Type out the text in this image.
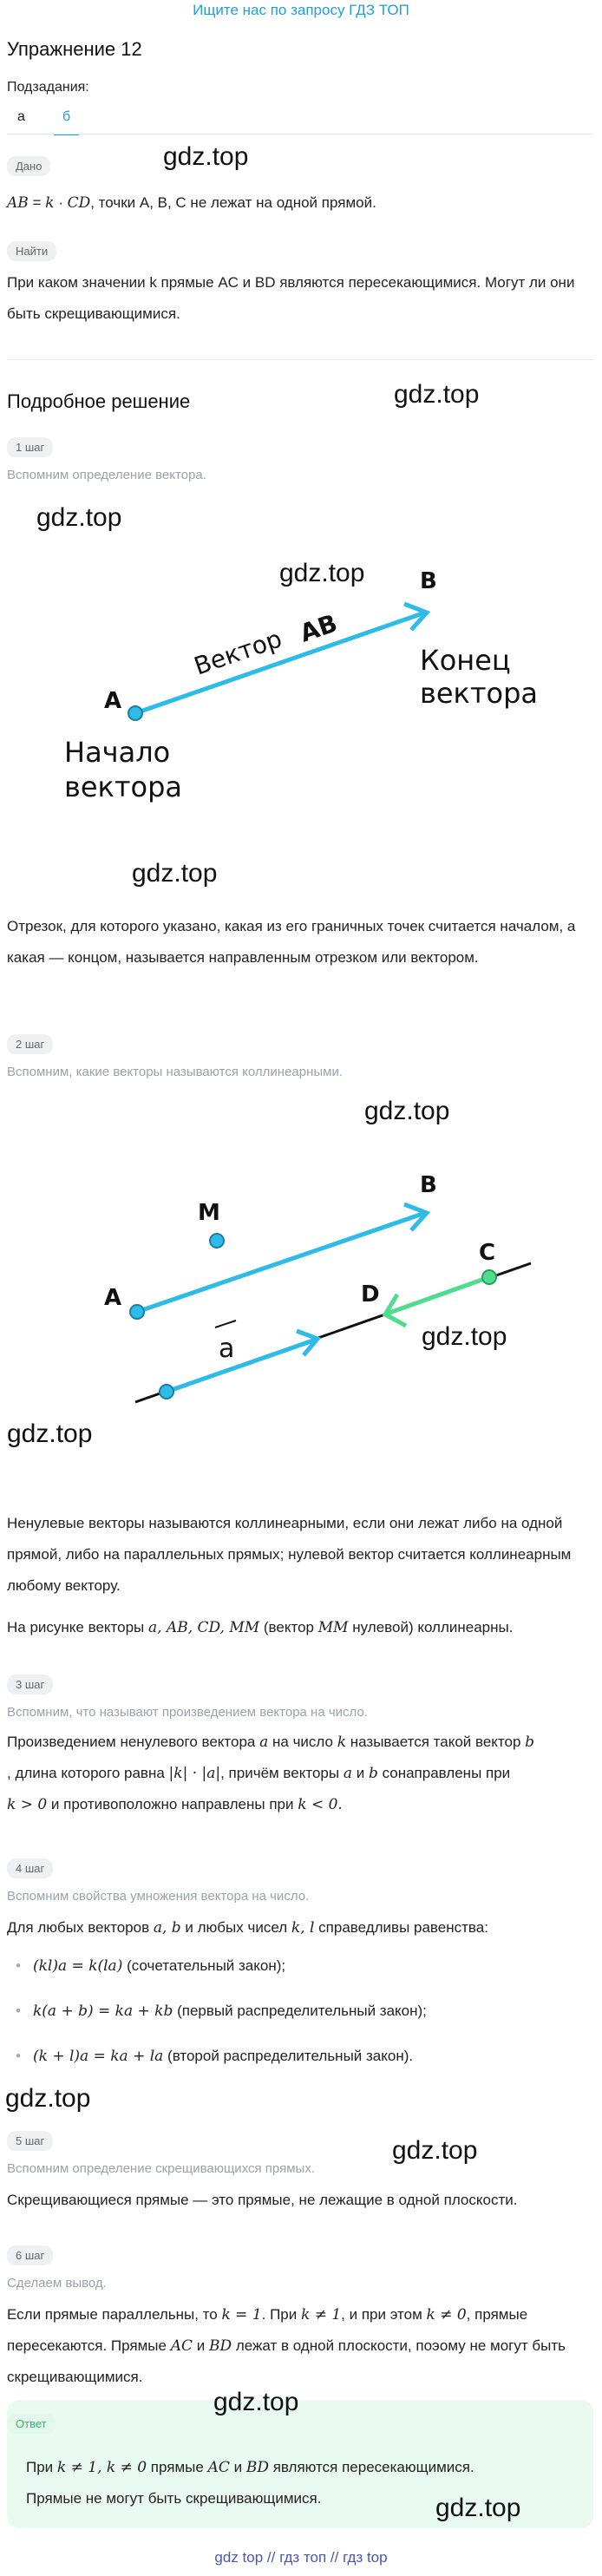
Ищите нас по запросу ГДЗ ТОП
Упражнение 12
Подзадания:
а	б
Дано	gdz.top
AB = k · CD, точки A, B, C не лежат на одной прямой.
Найти
При каком значении k прямые AC и BD являются пересекающимися. Могут ли они быть скрещивающимися.
Подробное решение	gdz.top
1 шаг
Вспомним определение вектора.
gdz.top
gdz.top
A
B
Вектор AB
Начало
вектора
Конец
вектора
gdz.top
Отрезок, для которого указано, какая из его граничных точек считается началом, а какая — концом, называется направленным отрезком или вектором.
2 шаг
Вспомним, какие векторы называются коллинеарными.
gdz.top
M
A
B
C
D
a	gdz.top
gdz.top
Ненулевые векторы называются коллинеарными, если они лежат либо на одной прямой, либо на параллельных прямых; нулевой вектор считается коллинеарным любому вектору.
На рисунке векторы a, AB, CD, MM (вектор MM нулевой) коллинеарны.
3 шаг
Вспомним, что называют произведением вектора на число.
Произведением ненулевого вектора a на число k называется такой вектор b
, длина которого равна |k| · |a|, причём векторы a и b сонаправлены при
k > 0 и противоположно направлены при k < 0.
4 шаг
Вспомним свойства умножения вектора на число.
Для любых векторов a, b и любых чисел k, l справедливы равенства:
• (kl)a = k(la) (сочетательный закон);
• k(a + b) = ka + kb (первый распределительный закон);
• (k + l)a = ka + la (второй распределительный закон).
gdz.top
5 шаг	gdz.top
Вспомним определение скрещивающихся прямых.
Скрещивающиеся прямые — это прямые, не лежащие в одной плоскости.
6 шаг
Сделаем вывод.
Если прямые параллельны, то k = 1. При k ≠ 1, и при этом k ≠ 0, прямые пересекаются. Прямые AC и BD лежат в одной плоскости, поэому не могут быть скрещивающимися.
Ответ
gdz.top
При k ≠ 1, k ≠ 0 прямые AC и BD являются пересекающимися.
Прямые не могут быть скрещивающимися.	gdz.top
gdz top // гдз топ // гдз top
